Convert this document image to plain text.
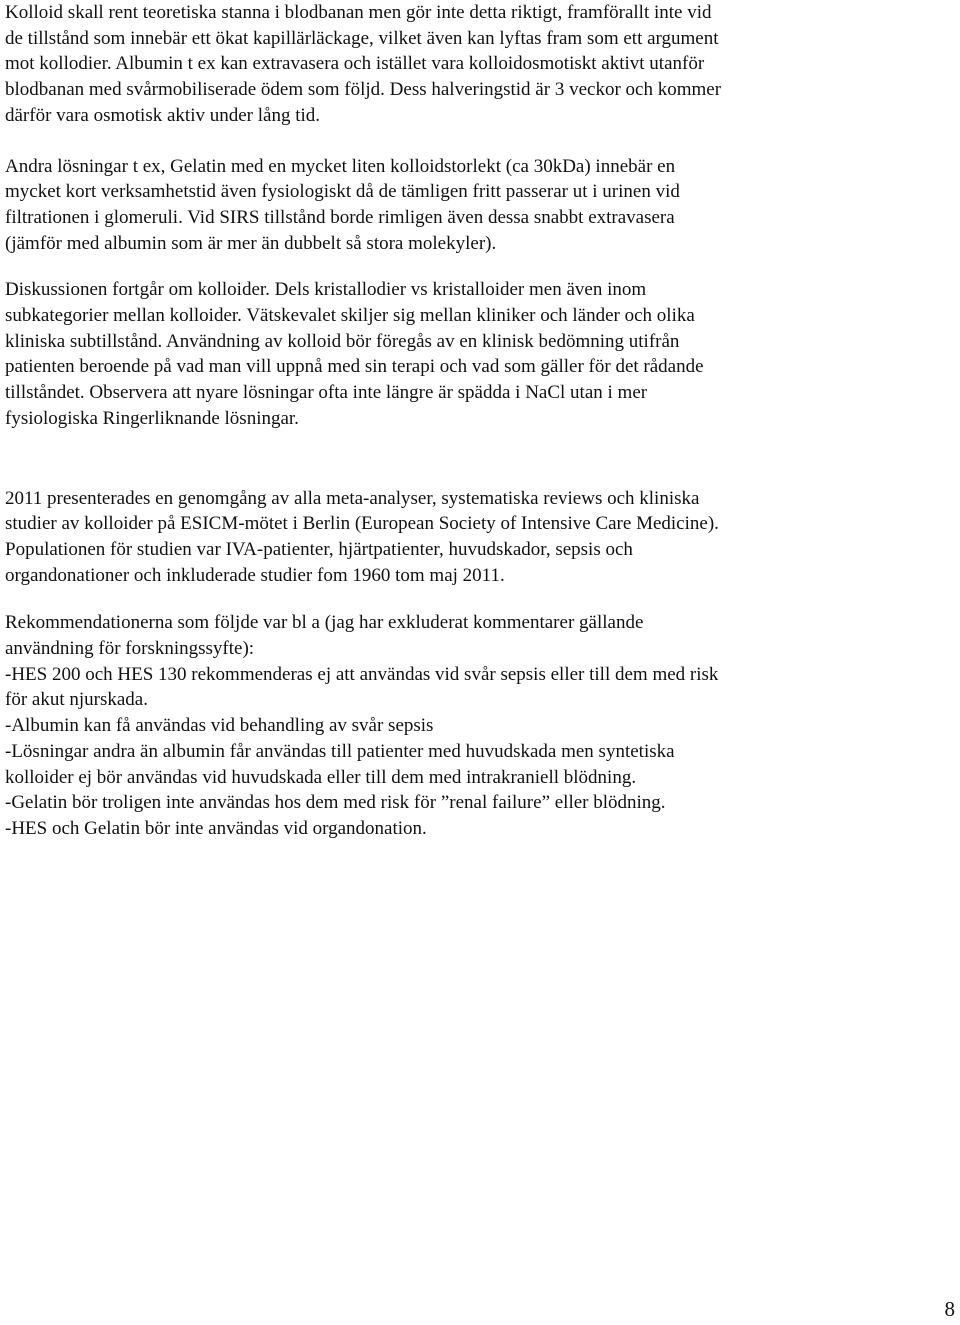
Kolloid skall rent teoretiska stanna i blodbanan men gör inte detta riktigt, framförallt inte vid
de tillstånd som innebär ett ökat kapillärläckage, vilket även kan lyftas fram som ett argument
mot kollodier. Albumin t ex kan extravasera och istället vara kolloidosmotiskt aktivt utanför
blodbanan med svårmobiliserade ödem som följd. Dess halveringstid är 3 veckor och kommer
därför vara osmotisk aktiv under lång tid.
Andra lösningar t ex, Gelatin med en mycket liten kolloidstorlekt (ca 30kDa) innebär en
mycket kort verksamhetstid även fysiologiskt då de tämligen fritt passerar ut i urinen vid
filtrationen i glomeruli. Vid SIRS tillstånd borde rimligen även dessa snabbt extravasera
(jämför med albumin som är mer än dubbelt så stora molekyler).
Diskussionen fortgår om kolloider. Dels kristallodier vs kristalloider men även inom
subkategorier mellan kolloider. Vätskevalet skiljer sig mellan kliniker och länder och olika
kliniska subtillstånd. Användning av kolloid bör föregås av en klinisk bedömning utifrån
patienten beroende på vad man vill uppnå med sin terapi och vad som gäller för det rådande
tillståndet. Observera att nyare lösningar ofta inte längre är spädda i NaCl utan i mer
fysiologiska Ringerliknande lösningar.
2011 presenterades en genomgång av alla meta-analyser, systematiska reviews och kliniska
studier av kolloider på ESICM-mötet i Berlin (European Society of Intensive Care Medicine).
Populationen för studien var IVA-patienter, hjärtpatienter, huvudskador, sepsis och
organdonationer och inkluderade studier fom 1960 tom maj 2011.
Rekommendationerna som följde var bl a (jag har exkluderat kommentarer gällande
användning för forskningssyfte):
-HES 200 och HES 130 rekommenderas ej att användas vid svår sepsis eller till dem med risk
för akut njurskada.
-Albumin kan få användas vid behandling av svår sepsis
-Lösningar andra än albumin får användas till patienter med huvudskada men syntetiska
kolloider ej bör användas vid huvudskada eller till dem med intrakraniell blödning.
-Gelatin bör troligen inte användas hos dem med risk för ”renal failure” eller blödning.
-HES och Gelatin bör inte användas vid organdonation.
8
